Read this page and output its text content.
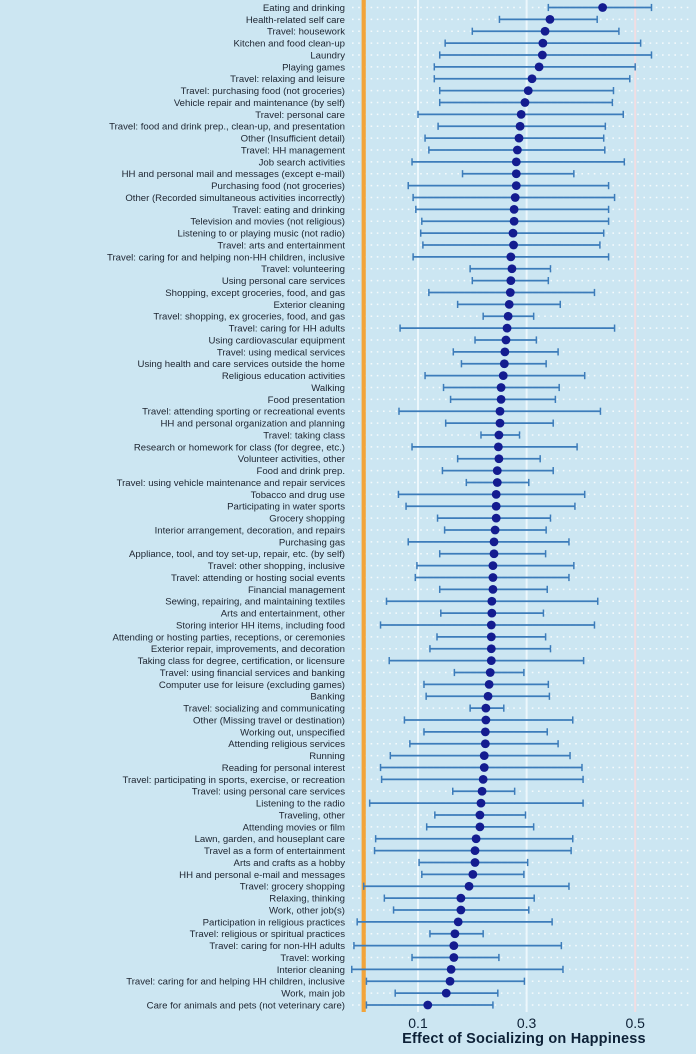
Eating and drinking
Health-related self care
Travel: housework
Kitchen and food clean-up
Laundry
Playing games
Travel: relaxing and leisure
Travel: purchasing food (not groceries)
Vehicle repair and maintenance (by self)
Travel: personal care
Travel: food and drink prep., clean-up, and presentation
Other (Insufficient detail)
Travel: HH management
Job search activities
HH and personal mail and messages (except e-mail)
Purchasing food (not groceries)
Other (Recorded simultaneous activities incorrectly)
Travel: eating and drinking
Television and movies (not religious)
Listening to or playing music (not radio)
Travel: arts and entertainment
Travel: caring for and helping non-HH children, inclusive
Travel: volunteering
Using personal care services
Shopping, except groceries, food, and gas
Exterior cleaning
Travel: shopping, ex groceries, food, and gas
Travel: caring for HH adults
Using cardiovascular equipment
Travel: using medical services
Using health and care services outside the home
Religious education activities
Walking
Food presentation
Travel: attending sporting or recreational events
HH and personal organization and planning
Travel: taking class
Research or homework for class (for degree, etc.)
Volunteer activities, other
Food and drink prep.
Travel: using vehicle maintenance and repair services
Tobacco and drug use
Participating in water sports
Grocery shopping
Interior arrangement, decoration, and repairs
Purchasing gas
Appliance, tool, and toy set-up, repair, etc. (by self)
Travel: other shopping, inclusive
Travel: attending or hosting social events
Financial management
Sewing, repairing, and maintaining textiles
Arts and entertainment, other
Storing interior HH items, including food
Attending or hosting parties, receptions, or ceremonies
Exterior repair, improvements, and decoration
Taking class for degree, certification, or licensure
Travel: using financial services and banking
Computer use for leisure (excluding games)
Banking
Travel: socializing and communicating
Other (Missing travel or destination)
Working out, unspecified
Attending religious services
Running
Reading for personal interest
Travel: participating in sports, exercise, or recreation
Travel: using personal care services
Listening to the radio
Traveling, other
Attending movies or film
Lawn, garden, and houseplant care
Travel as a form of entertainment
Arts and crafts as a hobby
HH and personal e-mail and messages
Travel: grocery shopping
Relaxing, thinking
Work, other job(s)
Participation in religious practices
Travel: religious or spiritual practices
Travel: caring for non-HH adults
Travel: working
Interior cleaning
Travel: caring for and helping HH children, inclusive
Work, main job
Care for animals and pets (not veterinary care)
0.1	0.3	0.5
Effect of Socializing on Happiness
